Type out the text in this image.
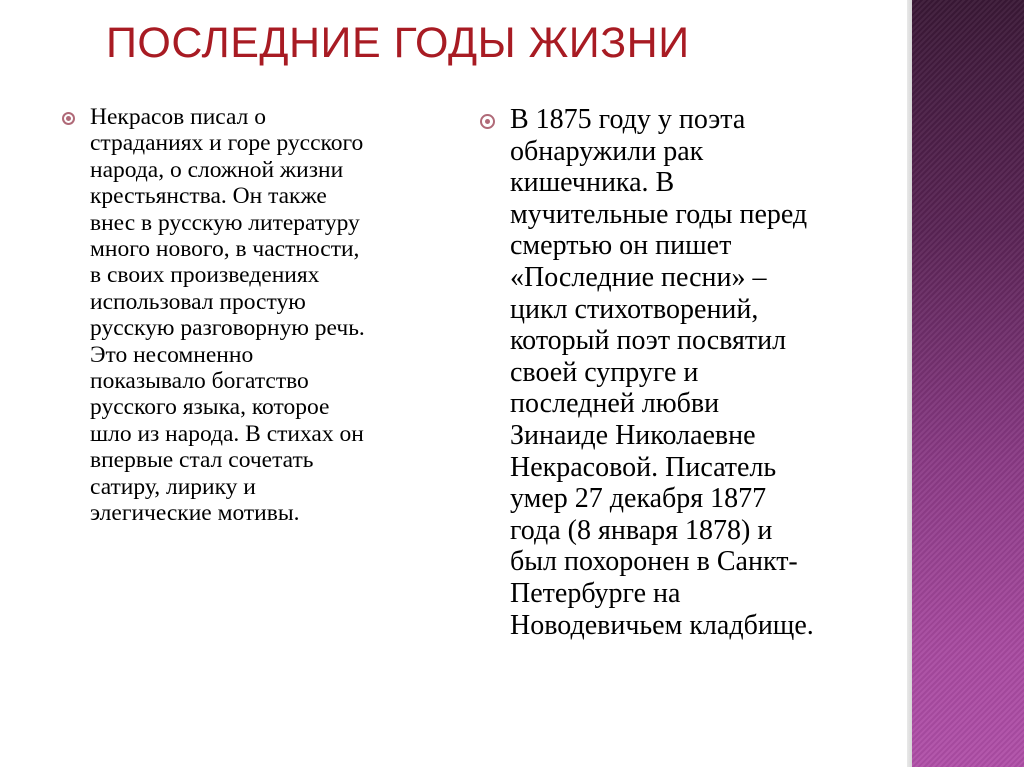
ПОСЛЕДНИЕ ГОДЫ ЖИЗНИ
Некрасов писал о
страданиях и горе русского
народа, о сложной жизни
крестьянства. Он также
внес в русскую литературу
много нового, в частности,
в своих произведениях
использовал простую
русскую разговорную речь.
Это несомненно
показывало богатство
русского языка, которое
шло из народа. В стихах он
впервые стал сочетать
сатиру, лирику и
элегические мотивы.
В 1875 году у поэта
обнаружили рак
кишечника. В
мучительные годы перед
смертью он пишет
«Последние песни» –
цикл стихотворений,
который поэт посвятил
своей супруге и
последней любви
Зинаиде Николаевне
Некрасовой. Писатель
умер 27 декабря 1877
года (8 января 1878) и
был похоронен в Санкт-
Петербурге на
Новодевичьем кладбище.
